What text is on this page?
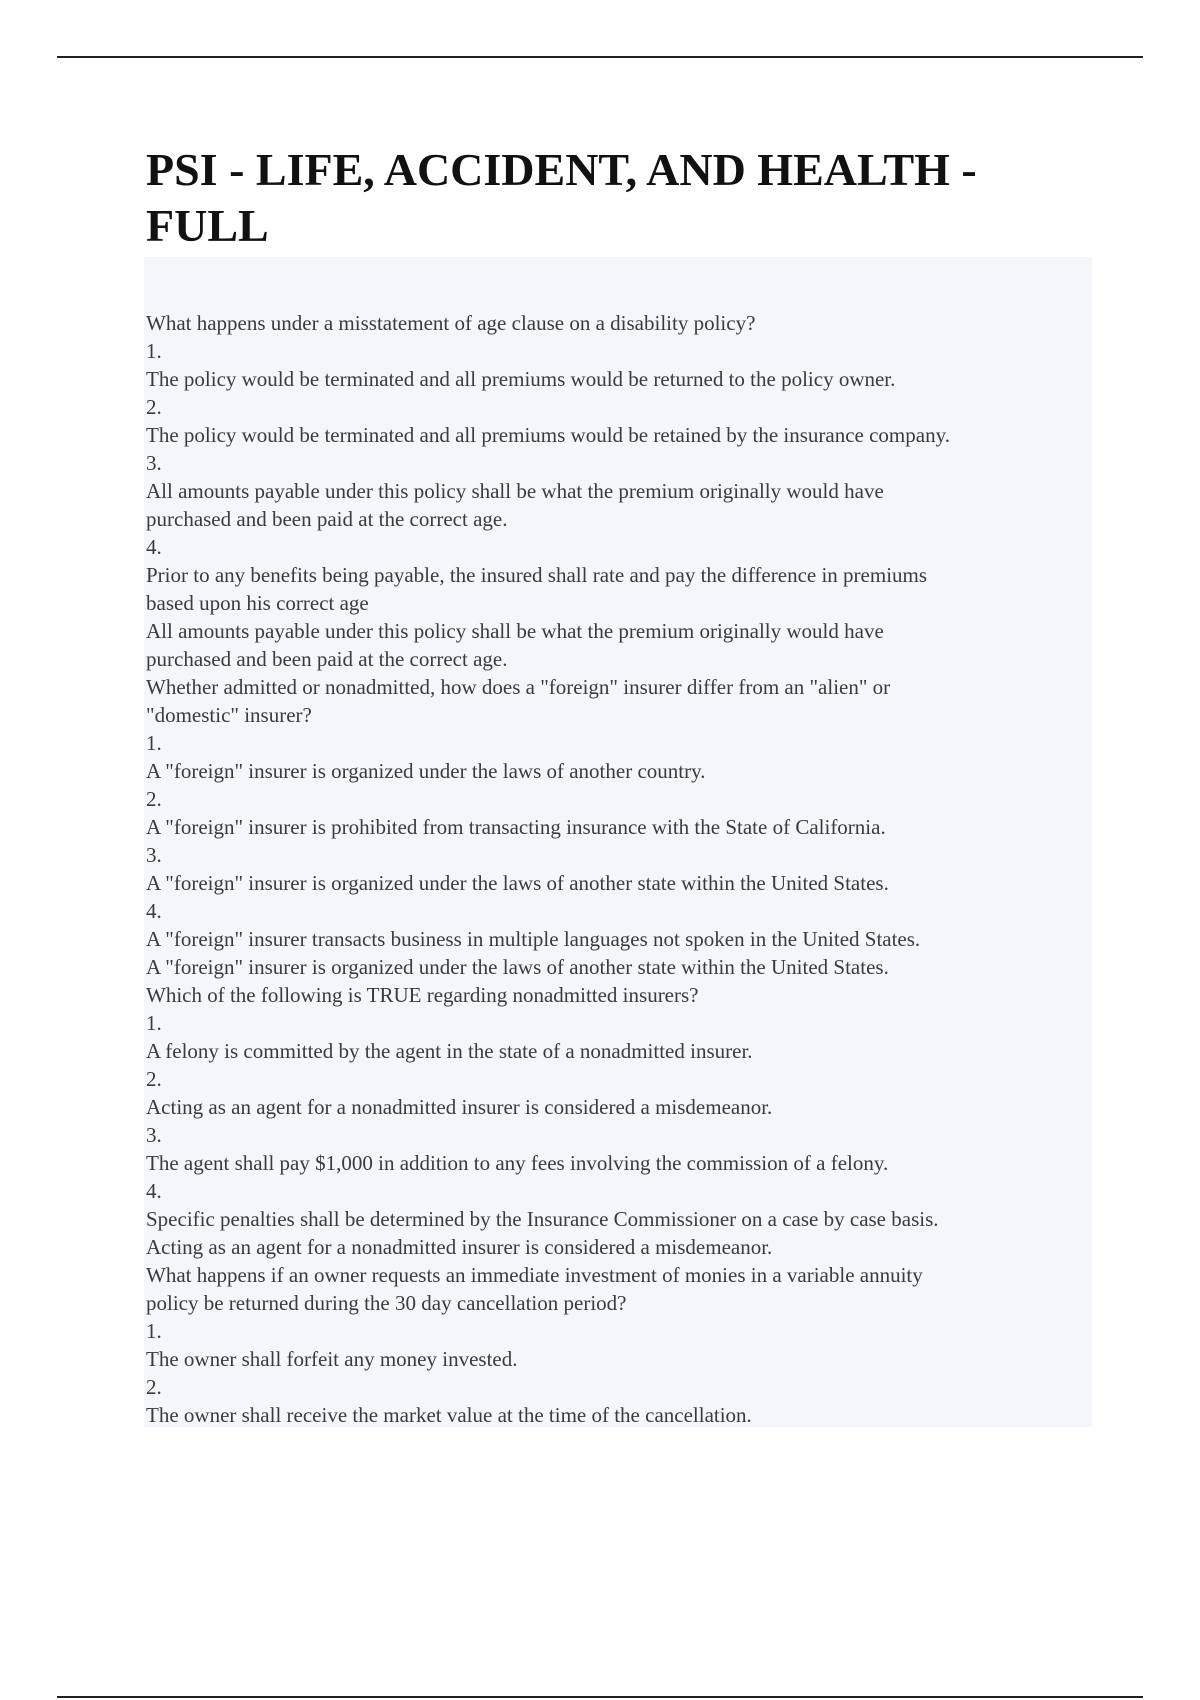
PSI - LIFE, ACCIDENT, AND HEALTH - FULL
What happens under a misstatement of age clause on a disability policy?
1.
The policy would be terminated and all premiums would be returned to the policy owner.
2.
The policy would be terminated and all premiums would be retained by the insurance company.
3.
All amounts payable under this policy shall be what the premium originally would have
purchased and been paid at the correct age.
4.
Prior to any benefits being payable, the insured shall rate and pay the difference in premiums
based upon his correct age
All amounts payable under this policy shall be what the premium originally would have
purchased and been paid at the correct age.
Whether admitted or nonadmitted, how does a "foreign" insurer differ from an "alien" or
"domestic" insurer?
1.
A "foreign" insurer is organized under the laws of another country.
2.
A "foreign" insurer is prohibited from transacting insurance with the State of California.
3.
A "foreign" insurer is organized under the laws of another state within the United States.
4.
A "foreign" insurer transacts business in multiple languages not spoken in the United States.
A "foreign" insurer is organized under the laws of another state within the United States.
Which of the following is TRUE regarding nonadmitted insurers?
1.
A felony is committed by the agent in the state of a nonadmitted insurer.
2.
Acting as an agent for a nonadmitted insurer is considered a misdemeanor.
3.
The agent shall pay $1,000 in addition to any fees involving the commission of a felony.
4.
Specific penalties shall be determined by the Insurance Commissioner on a case by case basis.
Acting as an agent for a nonadmitted insurer is considered a misdemeanor.
What happens if an owner requests an immediate investment of monies in a variable annuity
policy be returned during the 30 day cancellation period?
1.
The owner shall forfeit any money invested.
2.
The owner shall receive the market value at the time of the cancellation.
